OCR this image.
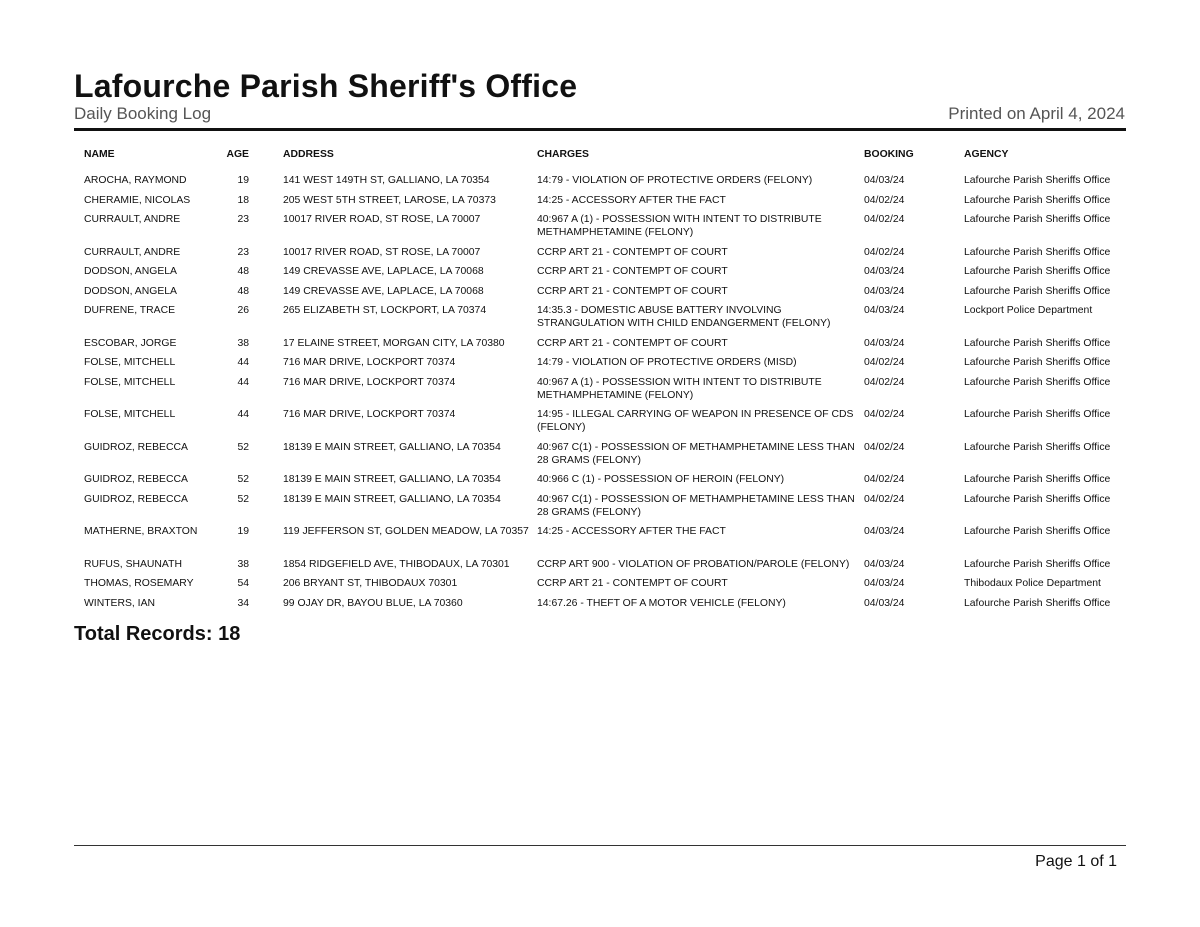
Lafourche Parish Sheriff's Office
Daily Booking Log	Printed on April 4, 2024
NAME	AGE	ADDRESS	CHARGES	BOOKING	AGENCY
AROCHA, RAYMOND	19	141 WEST 149TH ST, GALLIANO, LA 70354	14:79 - VIOLATION OF PROTECTIVE ORDERS (FELONY)	04/03/24	Lafourche Parish Sheriffs Office
CHERAMIE, NICOLAS	18	205 WEST 5TH STREET, LAROSE, LA 70373	14:25 - ACCESSORY AFTER THE FACT	04/02/24	Lafourche Parish Sheriffs Office
CURRAULT, ANDRE	23	10017 RIVER ROAD, ST ROSE, LA 70007	40:967 A (1) - POSSESSION WITH INTENT TO DISTRIBUTE METHAMPHETAMINE (FELONY)	04/02/24	Lafourche Parish Sheriffs Office
CURRAULT, ANDRE	23	10017 RIVER ROAD, ST ROSE, LA 70007	CCRP ART 21 - CONTEMPT OF COURT	04/02/24	Lafourche Parish Sheriffs Office
DODSON, ANGELA	48	149 CREVASSE AVE, LAPLACE, LA 70068	CCRP ART 21 - CONTEMPT OF COURT	04/03/24	Lafourche Parish Sheriffs Office
DODSON, ANGELA	48	149 CREVASSE AVE, LAPLACE, LA 70068	CCRP ART 21 - CONTEMPT OF COURT	04/03/24	Lafourche Parish Sheriffs Office
DUFRENE, TRACE	26	265 ELIZABETH ST, LOCKPORT, LA 70374	14:35.3 - DOMESTIC ABUSE BATTERY INVOLVING STRANGULATION WITH CHILD ENDANGERMENT (FELONY)	04/03/24	Lockport Police Department
ESCOBAR, JORGE	38	17 ELAINE STREET, MORGAN CITY, LA 70380	CCRP ART 21 - CONTEMPT OF COURT	04/03/24	Lafourche Parish Sheriffs Office
FOLSE, MITCHELL	44	716 MAR DRIVE, LOCKPORT 70374	14:79 - VIOLATION OF PROTECTIVE ORDERS (MISD)	04/02/24	Lafourche Parish Sheriffs Office
FOLSE, MITCHELL	44	716 MAR DRIVE, LOCKPORT 70374	40:967 A (1) - POSSESSION WITH INTENT TO DISTRIBUTE METHAMPHETAMINE (FELONY)	04/02/24	Lafourche Parish Sheriffs Office
FOLSE, MITCHELL	44	716 MAR DRIVE, LOCKPORT 70374	14:95 - ILLEGAL CARRYING OF WEAPON IN PRESENCE OF CDS (FELONY)	04/02/24	Lafourche Parish Sheriffs Office
GUIDROZ, REBECCA	52	18139 E MAIN STREET, GALLIANO, LA 70354	40:967 C(1) - POSSESSION OF METHAMPHETAMINE LESS THAN 28 GRAMS (FELONY)	04/02/24	Lafourche Parish Sheriffs Office
GUIDROZ, REBECCA	52	18139 E MAIN STREET, GALLIANO, LA 70354	40:966 C (1) - POSSESSION OF HEROIN (FELONY)	04/02/24	Lafourche Parish Sheriffs Office
GUIDROZ, REBECCA	52	18139 E MAIN STREET, GALLIANO, LA 70354	40:967 C(1) - POSSESSION OF METHAMPHETAMINE LESS THAN 28 GRAMS (FELONY)	04/02/24	Lafourche Parish Sheriffs Office
MATHERNE, BRAXTON	19	119 JEFFERSON ST, GOLDEN MEADOW, LA 70357	14:25 - ACCESSORY AFTER THE FACT	04/03/24	Lafourche Parish Sheriffs Office
RUFUS, SHAUNATH	38	1854 RIDGEFIELD AVE, THIBODAUX, LA 70301	CCRP ART 900 - VIOLATION OF PROBATION/PAROLE (FELONY)	04/03/24	Lafourche Parish Sheriffs Office
THOMAS, ROSEMARY	54	206 BRYANT ST, THIBODAUX 70301	CCRP ART 21 - CONTEMPT OF COURT	04/03/24	Thibodaux Police Department
WINTERS, IAN	34	99 OJAY DR, BAYOU BLUE, LA 70360	14:67.26 - THEFT OF A MOTOR VEHICLE (FELONY)	04/03/24	Lafourche Parish Sheriffs Office
Total Records: 18
Page 1 of 1
